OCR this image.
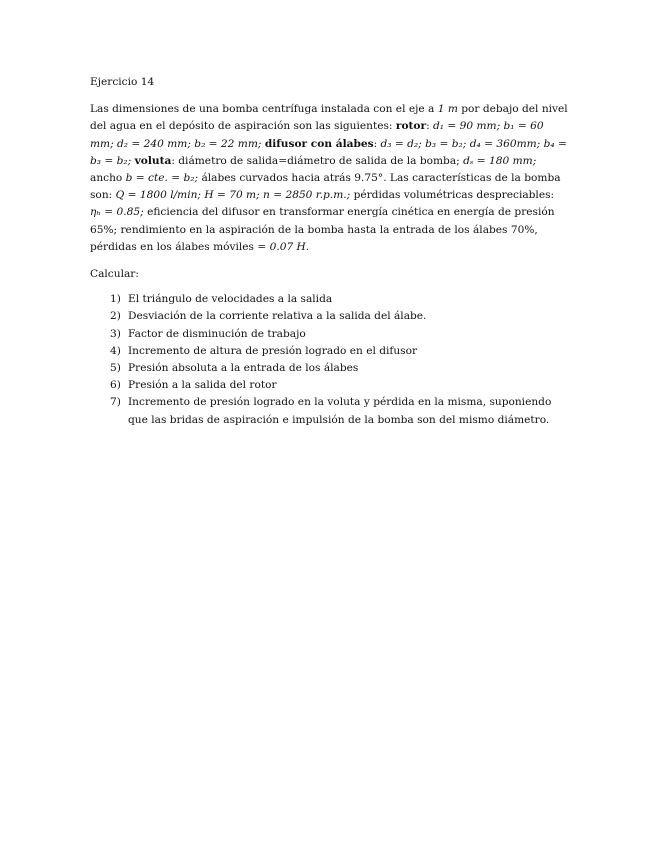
Ejercicio 14

Las dimensiones de una bomba centrífuga instalada con el eje a 1 m por debajo del nivel del agua en el depósito de aspiración son las siguientes: rotor: d₁ = 90 mm; b₁ = 60 mm; d₂ = 240 mm; b₂ = 22 mm; difusor con álabes: d₃ = d₂; b₃ = b₂; d₄ = 360mm; b₄ = b₃ = b₂; voluta: diámetro de salida=diámetro de salida de la bomba; dₛ = 180 mm; ancho b = cte. = b₂; álabes curvados hacia atrás 9.75°. Las características de la bomba son: Q = 1800 l/min; H = 70 m; n = 2850 r.p.m.; pérdidas volumétricas despreciables: ηₕ = 0.85; eficiencia del difusor en transformar energía cinética en energía de presión 65%; rendimiento en la aspiración de la bomba hasta la entrada de los álabes 70%, pérdidas en los álabes móviles = 0.07 H.

Calcular:

1) El triángulo de velocidades a la salida
2) Desviación de la corriente relativa a la salida del álabe.
3) Factor de disminución de trabajo
4) Incremento de altura de presión logrado en el difusor
5) Presión absoluta a la entrada de los álabes
6) Presión a la salida del rotor
7) Incremento de presión logrado en la voluta y pérdida en la misma, suponiendo que las bridas de aspiración e impulsión de la bomba son del mismo diámetro.
